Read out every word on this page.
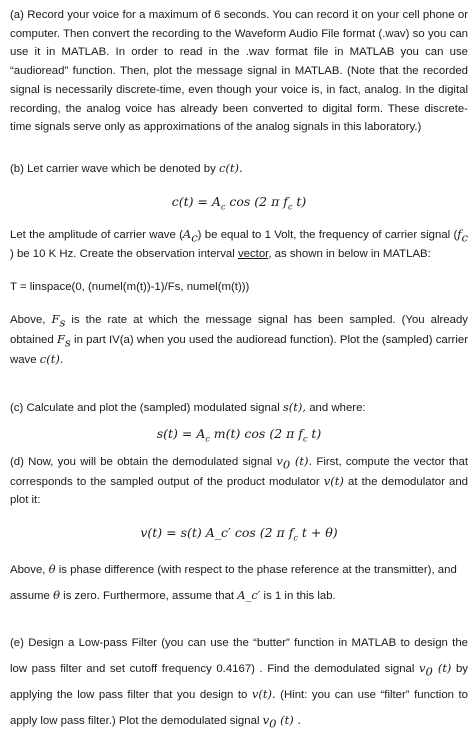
(a) Record your voice for a maximum of 6 seconds. You can record it on your cell phone or computer. Then convert the recording to the Waveform Audio File format (.wav) so you can use it in MATLAB. In order to read in the .wav format file in MATLAB you can use “audioread” function. Then, plot the message signal in MATLAB. (Note that the recorded signal is necessarily discrete-time, even though your voice is, in fact, analog. In the digital recording, the analog voice has already been converted to digital form. These discrete-time signals serve only as approximations of the analog signals in this laboratory.)

(b) Let carrier wave which be denoted by c(t).

$c(t) = A_c$ cos (2 π $f_c$ t)

Let the amplitude of carrier wave $(A_c)$ be equal to 1 Volt, the frequency of carrier signal ($f_c$ ) be 10 K Hz. Create the observation interval vector, as shown in below in MATLAB:

T = linspace(0, (numel(m(t))-1)/Fs, numel(m(t)))

Above, $F_s$ is the rate at which the message signal has been sampled. (You already obtained $F_s$ in part IV(a) when you used the audioread function). Plot the (sampled) carrier wave c(t).

(c) Calculate and plot the (sampled) modulated signal s(t), and where:

$s(t) = A_c$ m(t) cos (2 π $f_c$ t)

(d) Now, you will be obtain the demodulated signal $v_0$ (t). First, compute the vector that corresponds to the sampled output of the product modulator v(t) at the demodulator and plot it:

v(t) = s(t) A_c′ cos (2 π $f_c$ t + θ)

Above, θ is phase difference (with respect to the phase reference at the transmitter), and
assume θ is zero. Furthermore, assume that A_c′ is 1 in this lab.

(e) Design a Low-pass Filter (you can use the “butter” function in MATLAB to design the low pass filter and set cutoff frequency 0.4167) . Find the demodulated signal $v_0$ (t) by applying the low pass filter that you design to v(t). (Hint: you can use “filter” function to apply low pass filter.) Plot the demodulated signal $v_0$ (t) .
